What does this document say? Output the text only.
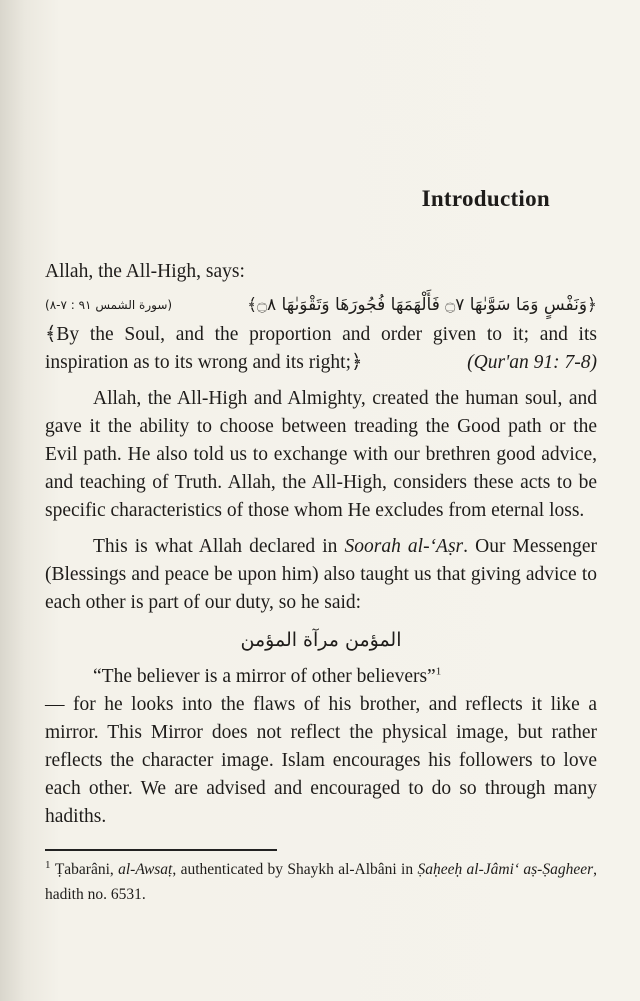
Introduction
Allah, the All-High, says:
(سورة الشمس ٩١ : ٧-٨)	﴿وَنَفْسٍ وَمَا سَوَّىٰهَا ۝٧ فَأَلْهَمَهَا فُجُورَهَا وَتَقْوَىٰهَا ۝٨﴾
﴾By the Soul, and the proportion and order given to it; and its inspiration as to its wrong and its right;﴿	(Qur'an 91: 7-8)
Allah, the All-High and Almighty, created the human soul, and gave it the ability to choose between treading the Good path or the Evil path. He also told us to exchange with our brethren good advice, and teaching of Truth. Allah, the All-High, considers these acts to be specific characteristics of those whom He excludes from eternal loss.
This is what Allah declared in Soorah al-‘Aṣr. Our Messenger (Blessings and peace be upon him) also taught us that giving advice to each other is part of our duty, so he said:
المؤمن مرآة المؤمن
“The believer is a mirror of other believers”$^1$
— for he looks into the flaws of his brother, and reflects it like a mirror. This Mirror does not reflect the physical image, but rather reflects the character image. Islam encourages his followers to love each other. We are advised and encouraged to do so through many hadiths.
$^1$ Ṭabarâni, al-Awsaṭ, authenticated by Shaykh al-Albâni in Ṣaḥeeḥ al-Jâmi‘ aṣ-Ṣagheer, hadith no. 6531.
